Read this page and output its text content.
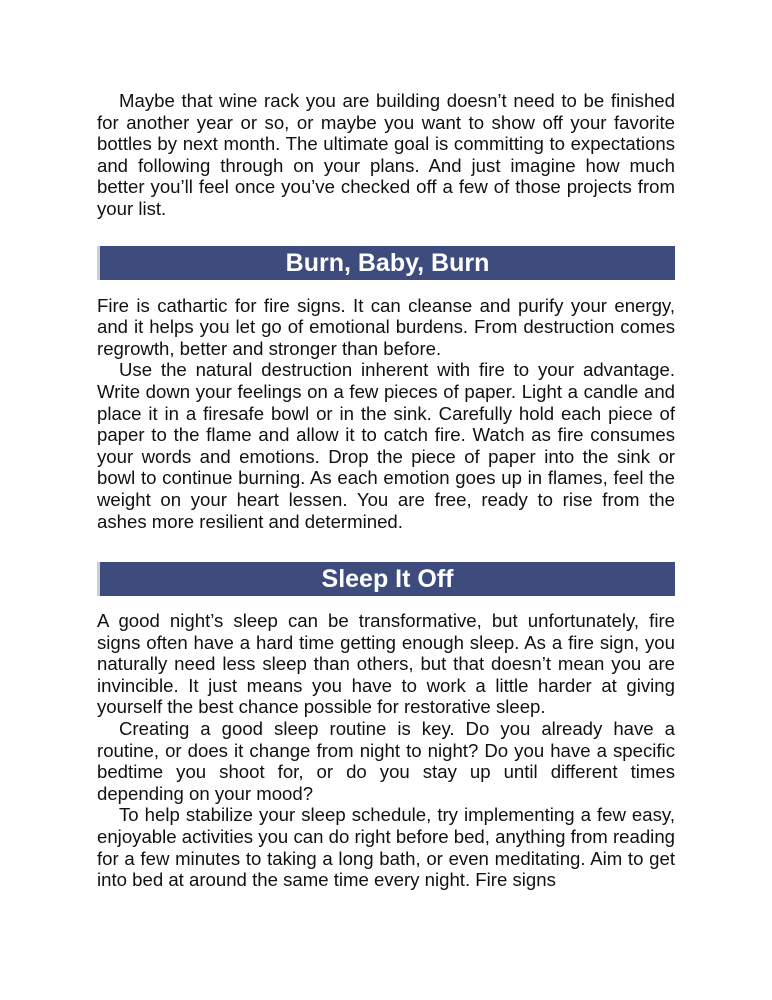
Maybe that wine rack you are building doesn’t need to be finished for another year or so, or maybe you want to show off your favorite bottles by next month. The ultimate goal is committing to expectations and following through on your plans. And just imagine how much better you’ll feel once you’ve checked off a few of those projects from your list.

Burn, Baby, Burn

Fire is cathartic for fire signs. It can cleanse and purify your energy, and it helps you let go of emotional burdens. From destruction comes regrowth, better and stronger than before.

Use the natural destruction inherent with fire to your advantage. Write down your feelings on a few pieces of paper. Light a candle and place it in a firesafe bowl or in the sink. Carefully hold each piece of paper to the flame and allow it to catch fire. Watch as fire consumes your words and emotions. Drop the piece of paper into the sink or bowl to continue burning. As each emotion goes up in flames, feel the weight on your heart lessen. You are free, ready to rise from the ashes more resilient and determined.

Sleep It Off

A good night’s sleep can be transformative, but unfortunately, fire signs often have a hard time getting enough sleep. As a fire sign, you naturally need less sleep than others, but that doesn’t mean you are invincible. It just means you have to work a little harder at giving yourself the best chance possible for restorative sleep.

Creating a good sleep routine is key. Do you already have a routine, or does it change from night to night? Do you have a specific bedtime you shoot for, or do you stay up until different times depending on your mood?

To help stabilize your sleep schedule, try implementing a few easy, enjoyable activities you can do right before bed, anything from reading for a few minutes to taking a long bath, or even meditating. Aim to get into bed at around the same time every night. Fire signs
